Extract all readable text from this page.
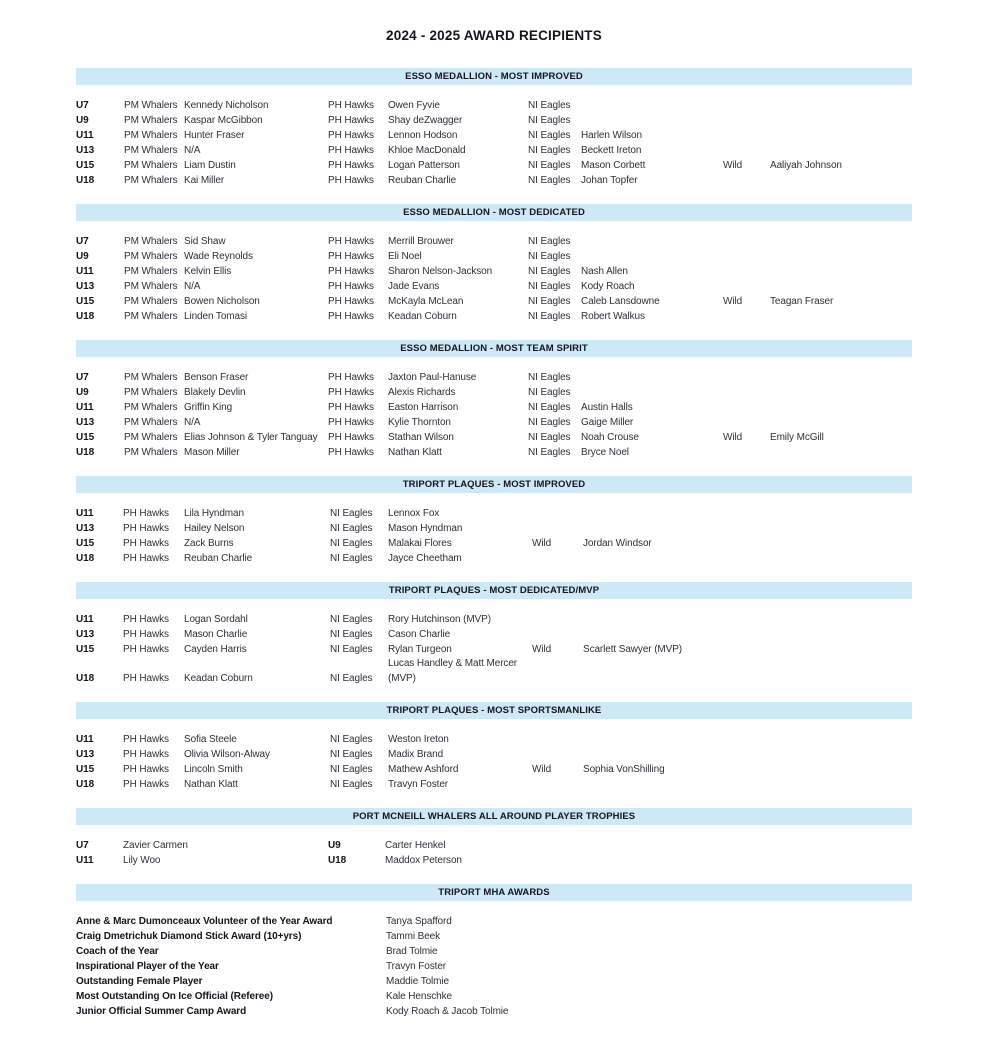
2024 - 2025 AWARD RECIPIENTS
ESSO MEDALLION - MOST IMPROVED
U7	PM Whalers Kennedy Nicholson	PH Hawks	Owen Fyvie	NI Eagles
U9	PM Whalers Kaspar McGibbon	PH Hawks	Shay deZwagger	NI Eagles
U11	PM Whalers Hunter Fraser	PH Hawks	Lennon Hodson	NI Eagles	Harlen Wilson
U13	PM Whalers N/A	PH Hawks	Khloe MacDonald	NI Eagles	Beckett Ireton
U15	PM Whalers Liam Dustin	PH Hawks	Logan Patterson	NI Eagles	Mason Corbett	Wild	Aaliyah Johnson
U18	PM Whalers Kai Miller	PH Hawks	Reuban Charlie	NI Eagles	Johan Topfer
ESSO MEDALLION - MOST DEDICATED
U7	PM Whalers Sid Shaw	PH Hawks	Merrill Brouwer	NI Eagles
U9	PM Whalers Wade Reynolds	PH Hawks	Eli Noel	NI Eagles
U11	PM Whalers Kelvin Ellis	PH Hawks	Sharon Nelson-Jackson	NI Eagles	Nash Allen
U13	PM Whalers N/A	PH Hawks	Jade Evans	NI Eagles	Kody Roach
U15	PM Whalers Bowen Nicholson	PH Hawks	McKayla McLean	NI Eagles	Caleb Lansdowne	Wild	Teagan Fraser
U18	PM Whalers Linden Tomasi	PH Hawks	Keadan Coburn	NI Eagles	Robert Walkus
ESSO MEDALLION - MOST TEAM SPIRIT
U7	PM Whalers Benson Fraser	PH Hawks	Jaxton Paul-Hanuse	NI Eagles
U9	PM Whalers Blakely Devlin	PH Hawks	Alexis Richards	NI Eagles
U11	PM Whalers Griffin King	PH Hawks	Easton Harrison	NI Eagles	Austin Halls
U13	PM Whalers N/A	PH Hawks	Kylie Thornton	NI Eagles	Gaige Miller
U15	PM Whalers Elias Johnson & Tyler Tanguay	PH Hawks	Stathan Wilson	NI Eagles	Noah Crouse	Wild	Emily McGill
U18	PM Whalers Mason Miller	PH Hawks	Nathan Klatt	NI Eagles	Bryce Noel
TRIPORT PLAQUES - MOST IMPROVED
U11	PH Hawks	Lila Hyndman	NI Eagles	Lennox Fox
U13	PH Hawks	Hailey Nelson	NI Eagles	Mason Hyndman
U15	PH Hawks	Zack Burns	NI Eagles	Malakai Flores	Wild	Jordan Windsor
U18	PH Hawks	Reuban Charlie	NI Eagles	Jayce Cheetham
TRIPORT PLAQUES - MOST DEDICATED/MVP
U11	PH Hawks	Logan Sordahl	NI Eagles	Rory Hutchinson (MVP)
U13	PH Hawks	Mason Charlie	NI Eagles	Cason Charlie
U15	PH Hawks	Cayden Harris	NI Eagles	Rylan Turgeon	Wild	Scarlett Sawyer (MVP)
U18	PH Hawks	Keadan Coburn	NI Eagles
Lucas Handley & Matt Mercer (MVP)
TRIPORT PLAQUES - MOST SPORTSMANLIKE
U11	PH Hawks	Sofia Steele	NI Eagles	Weston Ireton
U13	PH Hawks	Olivia Wilson-Alway	NI Eagles	Madix Brand
U15	PH Hawks	Lincoln Smith	NI Eagles	Mathew Ashford	Wild	Sophia VonShilling
U18	PH Hawks	Nathan Klatt	NI Eagles	Travyn Foster
PORT MCNEILL WHALERS ALL AROUND PLAYER TROPHIES
U7	Zavier Carmen	U9	Carter Henkel
U11	Lily Woo	U18	Maddox Peterson
TRIPORT MHA AWARDS
Anne & Marc Dumonceaux Volunteer of the Year Award	Tanya Spafford
Craig Dmetrichuk Diamond Stick Award (10+yrs)	Tammi Beek
Coach of the Year	Brad Tolmie
Inspirational Player of the Year	Travyn Foster
Outstanding Female Player	Maddie Tolmie
Most Outstanding On Ice Official (Referee)	Kale Henschke
Junior Official Summer Camp Award	Kody Roach & Jacob Tolmie
